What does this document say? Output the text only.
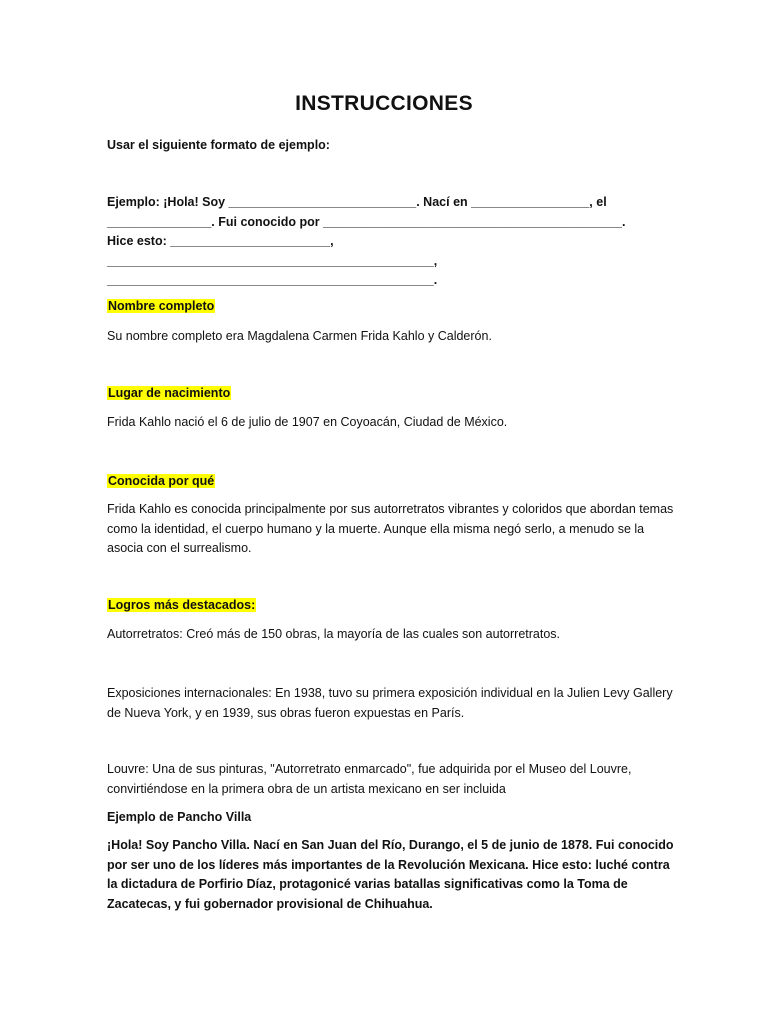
INSTRUCCIONES
Usar el siguiente formato de ejemplo:
Ejemplo: ¡Hola! Soy ___________________________. Nací en _________________, el
_______________. Fui conocido por ___________________________________________.
Hice esto: _______________________,
_______________________________________________,
_______________________________________________.
Nombre completo
Su nombre completo era Magdalena Carmen Frida Kahlo y Calderón.
Lugar de nacimiento
Frida Kahlo nació el 6 de julio de 1907 en Coyoacán, Ciudad de México.
Conocida por qué
Frida Kahlo es conocida principalmente por sus autorretratos vibrantes y coloridos que abordan temas como la identidad, el cuerpo humano y la muerte. Aunque ella misma negó serlo, a menudo se la asocia con el surrealismo.
Logros más destacados:
Autorretratos: Creó más de 150 obras, la mayoría de las cuales son autorretratos.
Exposiciones internacionales: En 1938, tuvo su primera exposición individual en la Julien Levy Gallery de Nueva York, y en 1939, sus obras fueron expuestas en París.
Louvre: Una de sus pinturas, "Autorretrato enmarcado", fue adquirida por el Museo del Louvre, convirtiéndose en la primera obra de un artista mexicano en ser incluida
Ejemplo de Pancho Villa
¡Hola! Soy Pancho Villa. Nací en San Juan del Río, Durango, el 5 de junio de 1878. Fui conocido por ser uno de los líderes más importantes de la Revolución Mexicana. Hice esto: luché contra la dictadura de Porfirio Díaz, protagonicé varias batallas significativas como la Toma de Zacatecas, y fui gobernador provisional de Chihuahua.
